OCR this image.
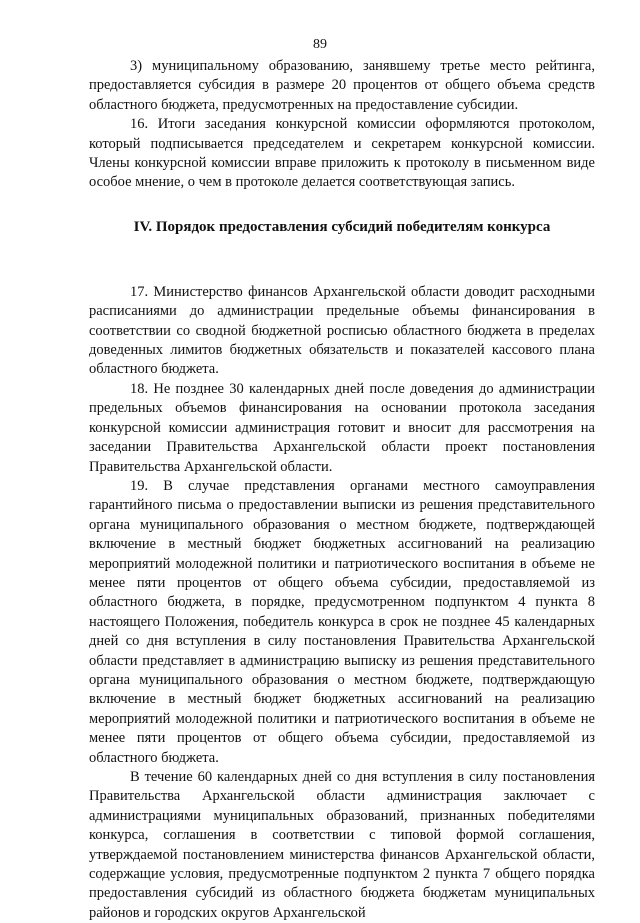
89

3) муниципальному образованию, занявшему третье место рейтинга, предоставляется субсидия в размере 20 процентов от общего объема средств областного бюджета, предусмотренных на предоставление субсидии.

16. Итоги заседания конкурсной комиссии оформляются протоколом, который подписывается председателем и секретарем конкурсной комиссии. Члены конкурсной комиссии вправе приложить к протоколу в письменном виде особое мнение, о чем в протоколе делается соответствующая запись.

IV. Порядок предоставления субсидий победителям конкурса

17. Министерство финансов Архангельской области доводит расходными расписаниями до администрации предельные объемы финансирования в соответствии со сводной бюджетной росписью областного бюджета в пределах доведенных лимитов бюджетных обязательств и показателей кассового плана областного бюджета.

18. Не позднее 30 календарных дней после доведения до администрации предельных объемов финансирования на основании протокола заседания конкурсной комиссии администрация готовит и вносит для рассмотрения на заседании Правительства Архангельской области проект постановления Правительства Архангельской области.

19. В случае представления органами местного самоуправления гарантийного письма о предоставлении выписки из решения представительного органа муниципального образования о местном бюджете, подтверждающей включение в местный бюджет бюджетных ассигнований на реализацию мероприятий молодежной политики и патриотического воспитания в объеме не менее пяти процентов от общего объема субсидии, предоставляемой из областного бюджета, в порядке, предусмотренном подпунктом 4 пункта 8 настоящего Положения, победитель конкурса в срок не позднее 45 календарных дней со дня вступления в силу постановления Правительства Архангельской области представляет в администрацию выписку из решения представительного органа муниципального образования о местном бюджете, подтверждающую включение в местный бюджет бюджетных ассигнований на реализацию мероприятий молодежной политики и патриотического воспитания в объеме не менее пяти процентов от общего объема субсидии, предоставляемой из областного бюджета.

В течение 60 календарных дней со дня вступления в силу постановления Правительства Архангельской области администрация заключает с администрациями муниципальных образований, признанных победителями конкурса, соглашения в соответствии с типовой формой соглашения, утверждаемой постановлением министерства финансов Архангельской области, содержащие условия, предусмотренные подпунктом 2 пункта 7 общего порядка предоставления субсидий из областного бюджета бюджетам муниципальных районов и городских округов Архангельской
